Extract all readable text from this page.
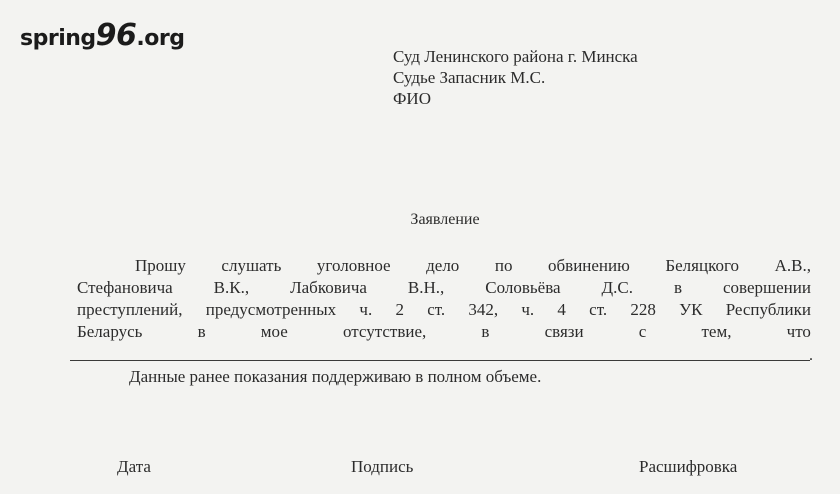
spring96.org
Суд Ленинского района г. Минска
Судье Запасник М.С.
ФИО
Заявление
Прошу слушать уголовное дело по обвинению Беляцкого А.В.,
Стефановича В.К., Лабковича В.Н., Соловьёва Д.С. в совершении
преступлений, предусмотренных ч. 2 ст. 342, ч. 4 ст. 228 УК Республики
Беларусь	в	мое	отсутствие,	в	связи	с	тем,	что
.
Данные ранее показания поддерживаю в полном объеме.
Дата	Подпись	Расшифровка
